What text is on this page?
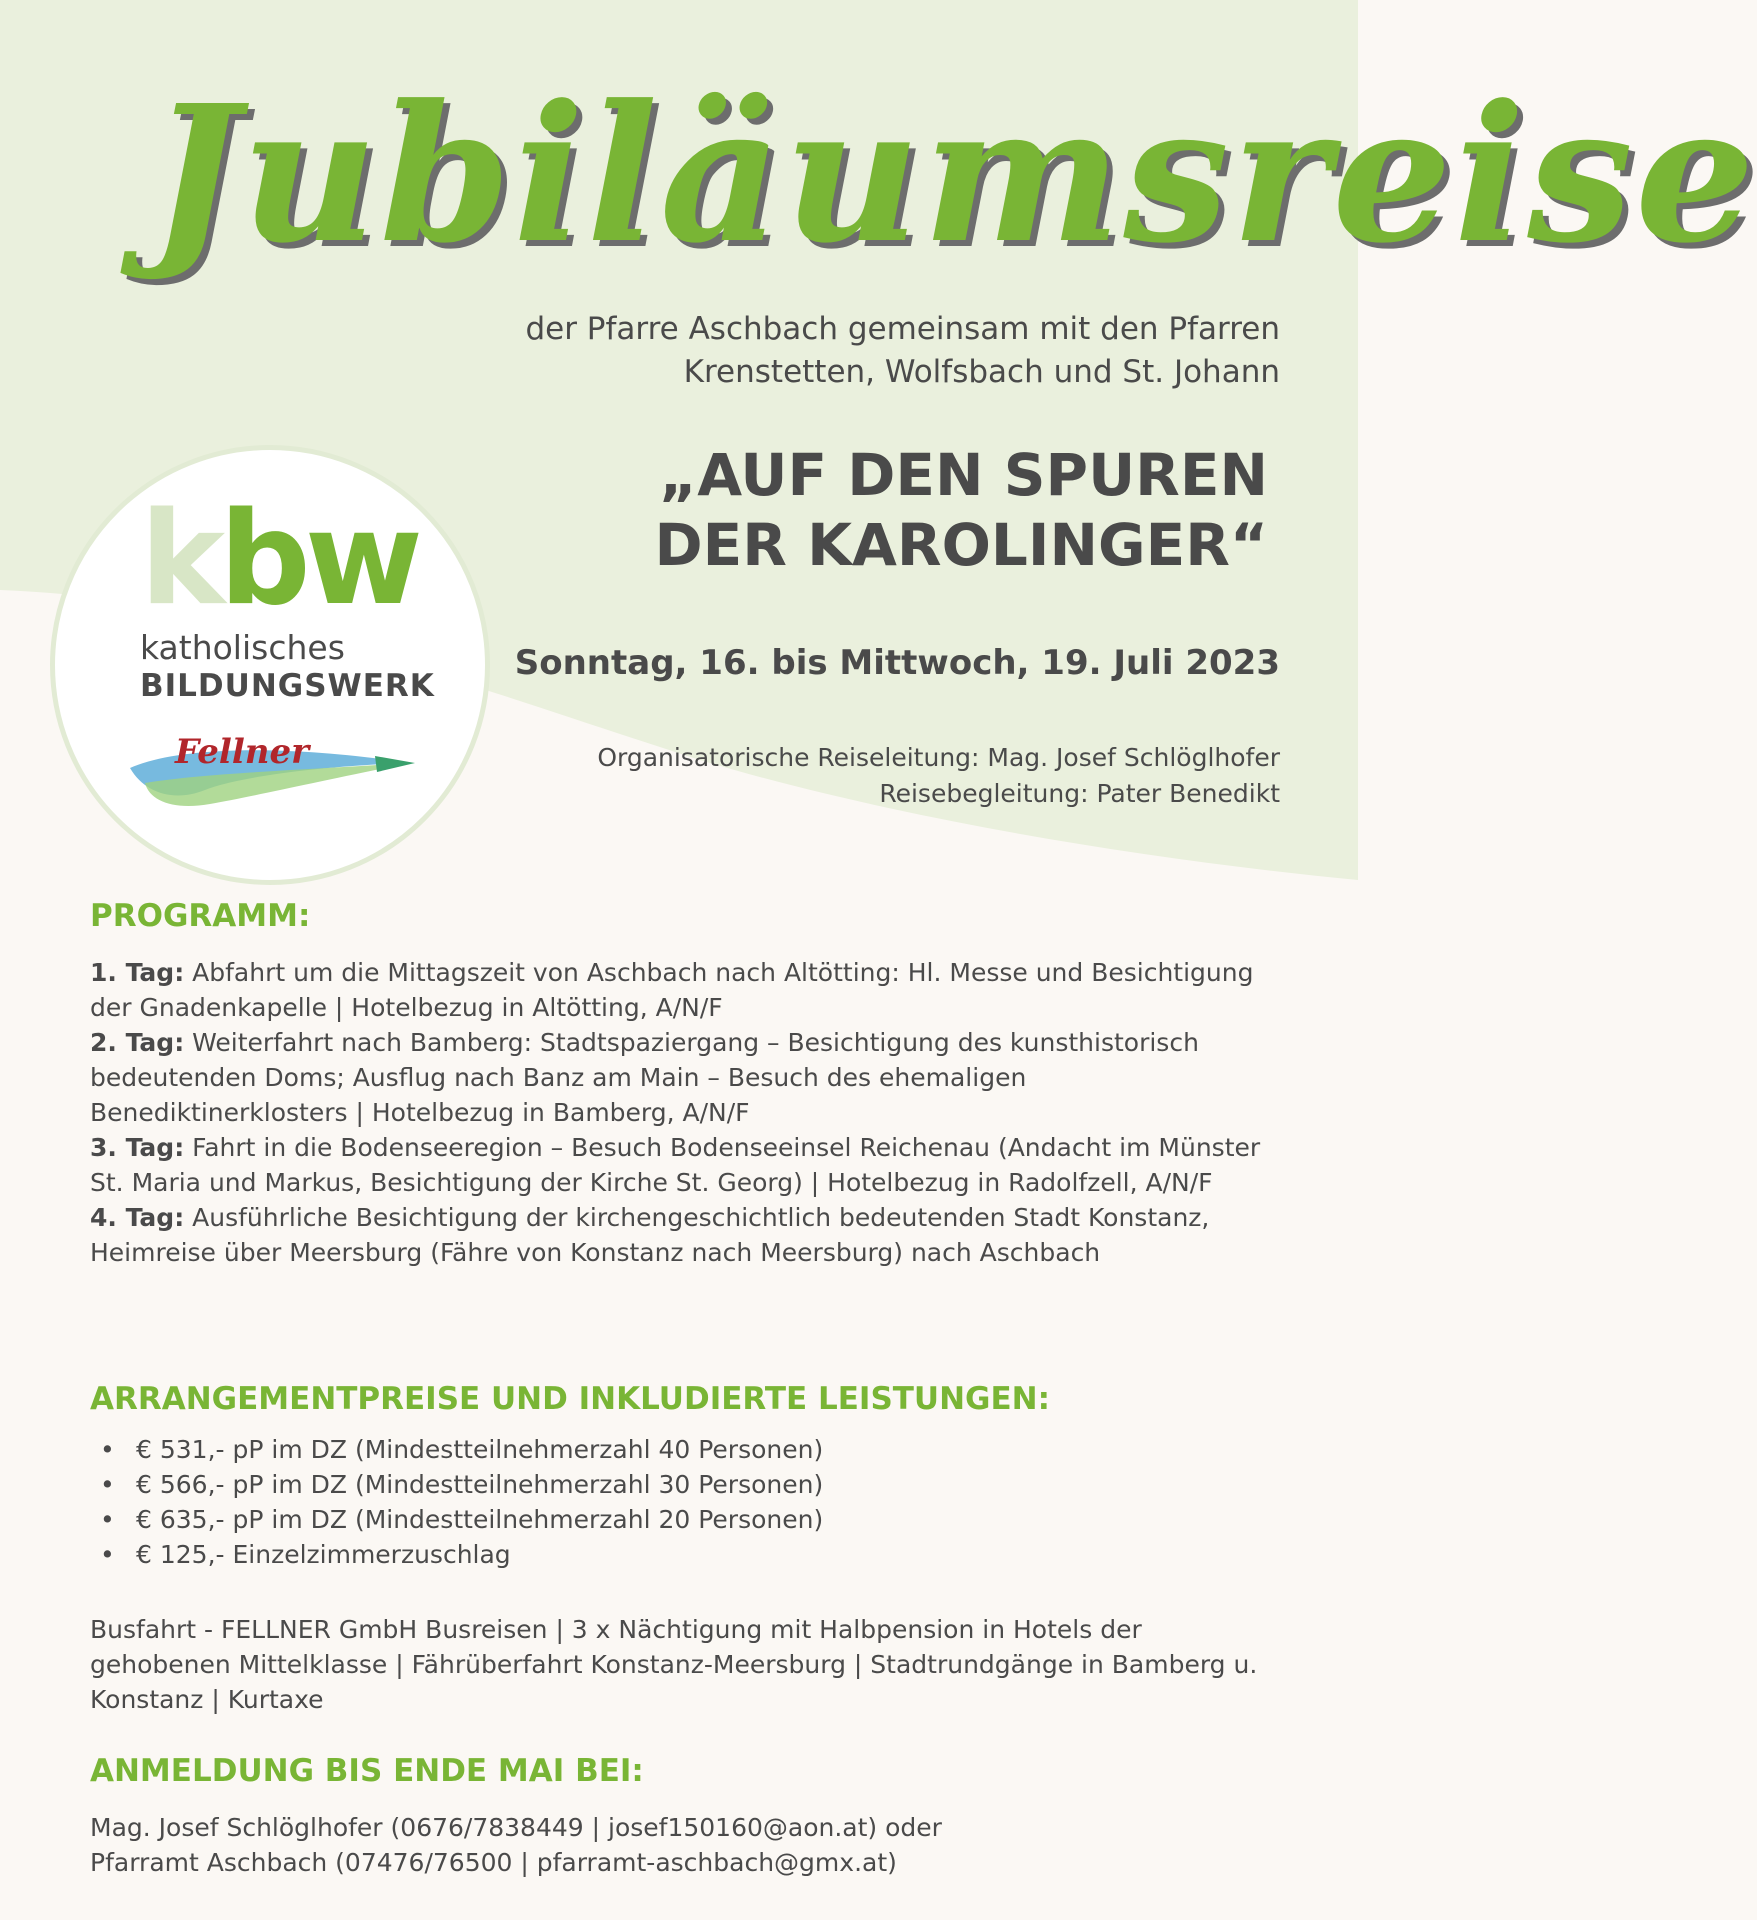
Jubiläumsreise
der Pfarre Aschbach gemeinsam mit den Pfarren
Krenstetten, Wolfsbach und St. Johann
„AUF DEN SPUREN
DER KAROLINGER“
Sonntag, 16. bis Mittwoch, 19. Juli 2023
Organisatorische Reiseleitung: Mag. Josef Schlöglhofer
Reisebegleitung: Pater Benedikt
kbw
katholisches
BILDUNGSWERK
Fellner
PROGRAMM:
1. Tag: Abfahrt um die Mittagszeit von Aschbach nach Altötting: Hl. Messe und Besichtigung der Gnadenkapelle | Hotelbezug in Altötting, A/N/F
2. Tag: Weiterfahrt nach Bamberg: Stadtspaziergang – Besichtigung des kunsthistorisch bedeutenden Doms; Ausflug nach Banz am Main – Besuch des ehemaligen Benediktinerklosters | Hotelbezug in Bamberg, A/N/F
3. Tag: Fahrt in die Bodenseeregion – Besuch Bodenseeinsel Reichenau (Andacht im Münster St. Maria und Markus, Besichtigung der Kirche St. Georg) | Hotelbezug in Radolfzell, A/N/F
4. Tag: Ausführliche Besichtigung der kirchengeschichtlich bedeutenden Stadt Konstanz, Heimreise über Meersburg (Fähre von Konstanz nach Meersburg) nach Aschbach
ARRANGEMENTPREISE UND INKLUDIERTE LEISTUNGEN:
• € 531,- pP im DZ (Mindestteilnehmerzahl 40 Personen)
• € 566,- pP im DZ (Mindestteilnehmerzahl 30 Personen)
• € 635,- pP im DZ (Mindestteilnehmerzahl 20 Personen)
• € 125,- Einzelzimmerzuschlag
Busfahrt - FELLNER GmbH Busreisen | 3 x Nächtigung mit Halbpension in Hotels der gehobenen Mittelklasse | Fährüberfahrt Konstanz-Meersburg | Stadtrundgänge in Bamberg u. Konstanz | Kurtaxe
ANMELDUNG BIS ENDE MAI BEI:
Mag. Josef Schlöglhofer (0676/7838449 | josef150160@aon.at) oder
Pfarramt Aschbach (07476/76500 | pfarramt-aschbach@gmx.at)
